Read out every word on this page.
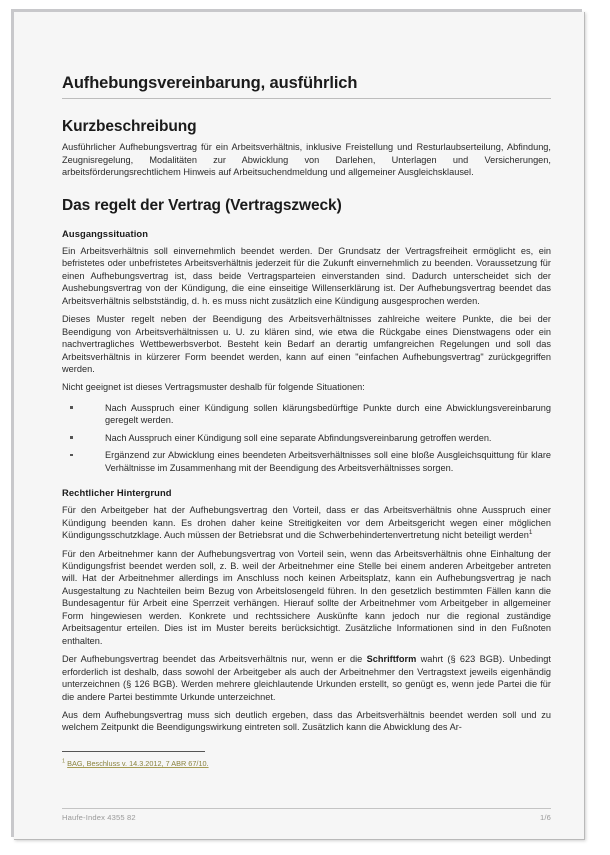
Aufhebungsvereinbarung, ausführlich
Kurzbeschreibung

Ausführlicher Aufhebungsvertrag für ein Arbeitsverhältnis, inklusive Freistellung und Resturlaubserteilung, Abfindung, Zeugnisregelung, Modalitäten zur Abwicklung von Darlehen, Unterlagen und Versicherungen, arbeitsförderungsrechtlichem Hinweis auf Arbeitsuchendmeldung und allgemeiner Ausgleichsklausel.

Das regelt der Vertrag (Vertragszweck)
Ausgangssituation

Ein Arbeitsverhältnis soll einvernehmlich beendet werden. Der Grundsatz der Vertragsfreiheit ermöglicht es, ein befristetes oder unbefristetes Arbeitsverhältnis jederzeit für die Zukunft einvernehmlich zu beenden. Voraussetzung für einen Aufhebungsvertrag ist, dass beide Vertragsparteien einverstanden sind. Dadurch unterscheidet sich der Aushebungsvertrag von der Kündigung, die eine einseitige Willenserklärung ist. Der Aufhebungsvertrag beendet das Arbeitsverhältnis selbstständig, d. h. es muss nicht zusätzlich eine Kündigung ausgesprochen werden.

Dieses Muster regelt neben der Beendigung des Arbeitsverhältnisses zahlreiche weitere Punkte, die bei der Beendigung von Arbeitsverhältnissen u. U. zu klären sind, wie etwa die Rückgabe eines Dienstwagens oder ein nachvertragliches Wettbewerbsverbot. Besteht kein Bedarf an derartig umfangreichen Regelungen und soll das Arbeitsverhältnis in kürzerer Form beendet werden, kann auf einen "einfachen Aufhebungsvertrag" zurückgegriffen werden.

Nicht geeignet ist dieses Vertragsmuster deshalb für folgende Situationen:

Nach Ausspruch einer Kündigung sollen klärungsbedürftige Punkte durch eine Abwicklungsvereinbarung geregelt werden.
Nach Ausspruch einer Kündigung soll eine separate Abfindungsvereinbarung getroffen werden.
Ergänzend zur Abwicklung eines beendeten Arbeitsverhältnisses soll eine bloße Ausgleichsquittung für klare Verhältnisse im Zusammenhang mit der Beendigung des Arbeitsverhältnisses sorgen.
Rechtlicher Hintergrund

Für den Arbeitgeber hat der Aufhebungsvertrag den Vorteil, dass er das Arbeitsverhältnis ohne Ausspruch einer Kündigung beenden kann. Es drohen daher keine Streitigkeiten vor dem Arbeitsgericht wegen einer möglichen Kündigungsschutzklage. Auch müssen der Betriebsrat und die Schwerbehindertenvertretung nicht beteiligt werden$^1$

Für den Arbeitnehmer kann der Aufhebungsvertrag von Vorteil sein, wenn das Arbeitsverhältnis ohne Einhaltung der Kündigungsfrist beendet werden soll, z. B. weil der Arbeitnehmer eine Stelle bei einem anderen Arbeitgeber antreten will. Hat der Arbeitnehmer allerdings im Anschluss noch keinen Arbeitsplatz, kann ein Aufhebungsvertrag je nach Ausgestaltung zu Nachteilen beim Bezug von Arbeitslosengeld führen. In den gesetzlich bestimmten Fällen kann die Bundesagentur für Arbeit eine Sperrzeit verhängen. Hierauf sollte der Arbeitnehmer vom Arbeitgeber in allgemeiner Form hingewiesen werden. Konkrete und rechtssichere Auskünfte kann jedoch nur die regional zuständige Arbeitsagentur erteilen. Dies ist im Muster bereits berücksichtigt. Zusätzliche Informationen sind in den Fußnoten enthalten.

Der Aufhebungsvertrag beendet das Arbeitsverhältnis nur, wenn er die Schriftform wahrt (§ 623 BGB). Unbedingt erforderlich ist deshalb, dass sowohl der Arbeitgeber als auch der Arbeitnehmer den Vertragstext jeweils eigenhändig unterzeichnen (§ 126 BGB). Werden mehrere gleichlautende Urkunden erstellt, so genügt es, wenn jede Partei die für die andere Partei bestimmte Urkunde unterzeichnet.

Aus dem Aufhebungsvertrag muss sich deutlich ergeben, dass das Arbeitsverhältnis beendet werden soll und zu welchem Zeitpunkt die Beendigungswirkung eintreten soll. Zusätzlich kann die Abwicklung des Ar-

$^1$ BAG, Beschluss v. 14.3.2012, 7 ABR 67/10.
Haufe-Index 4355 82	1/6
